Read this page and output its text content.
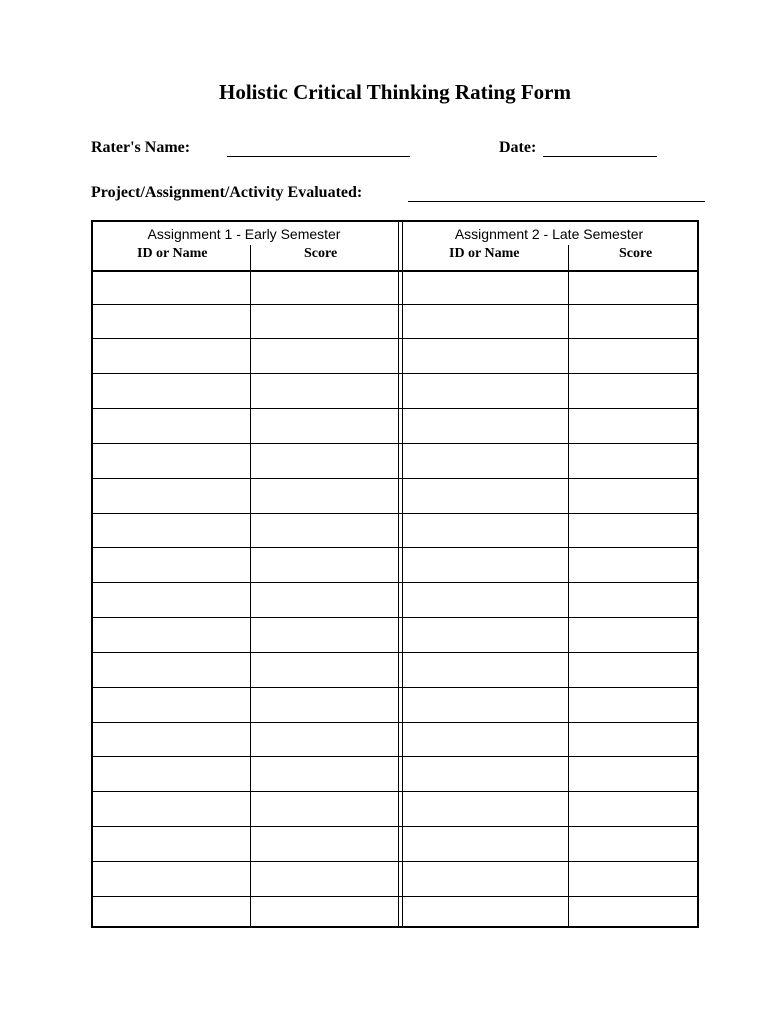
Holistic Critical Thinking Rating Form
Rater's Name:	Date:
Project/Assignment/Activity Evaluated:
Assignment 1 - Early Semester	Assignment 2 - Late Semester
ID or Name	Score	ID or Name	Score
